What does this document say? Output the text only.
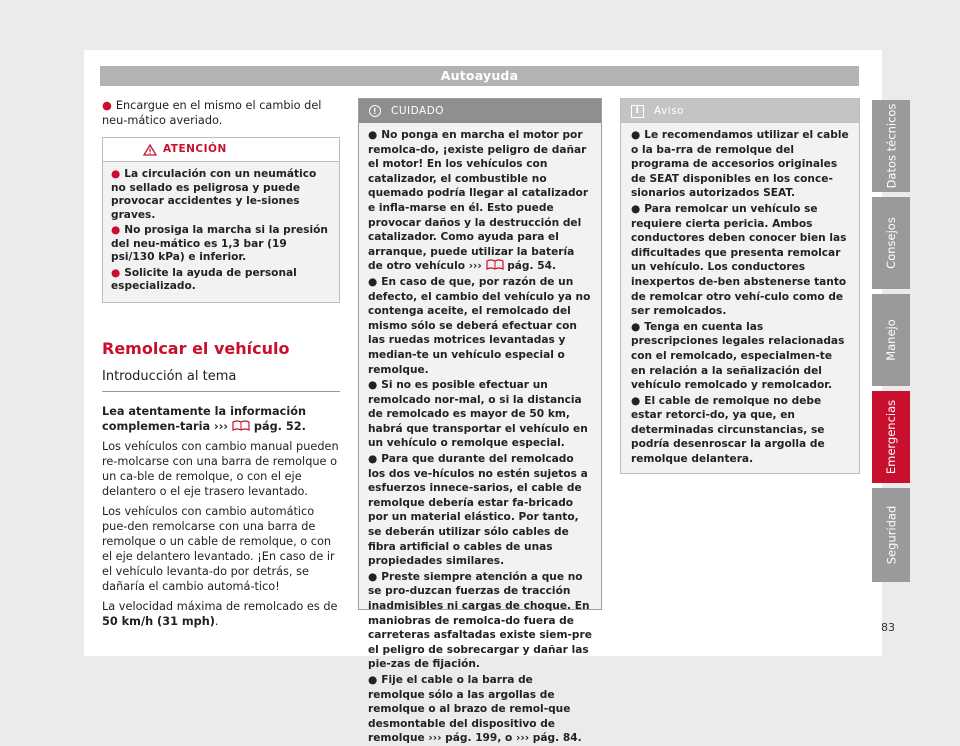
Autoayuda

● Encargue en el mismo el cambio del neu-mático averiado.

ATENCIÓN
● La circulación con un neumático no sellado es peligrosa y puede provocar accidentes y le-siones graves.
● No prosiga la marcha si la presión del neu-mático es 1,3 bar (19 psi/130 kPa) e inferior.
● Solicite la ayuda de personal especializado.
Remolcar el vehículo
Introducción al tema

Lea atentamente la información complemen-taria ››› pág. 52.

Los vehículos con cambio manual pueden re-molcarse con una barra de remolque o un ca-ble de remolque, o con el eje delantero o el eje trasero levantado.

Los vehículos con cambio automático pue-den remolcarse con una barra de remolque o un cable de remolque, o con el eje delantero levantado. ¡En caso de ir el vehículo levanta-do por detrás, se dañaría el cambio automá-tico!

La velocidad máxima de remolcado es de 50 km/h (31 mph).

!	CUIDADO
● No ponga en marcha el motor por remolca-do, ¡existe peligro de dañar el motor! En los vehículos con catalizador, el combustible no quemado podría llegar al catalizador e infla-marse en él. Esto puede provocar daños y la destrucción del catalizador. Como ayuda para el arranque, puede utilizar la batería de otro vehículo ››› pág. 54.
● En caso de que, por razón de un defecto, el cambio del vehículo ya no contenga aceite, el remolcado del mismo sólo se deberá efectuar con las ruedas motrices levantadas y median-te un vehículo especial o remolque.
● Si no es posible efectuar un remolcado nor-mal, o si la distancia de remolcado es mayor de 50 km, habrá que transportar el vehículo en un vehículo o remolque especial.
● Para que durante del remolcado los dos ve-hículos no estén sujetos a esfuerzos innece-sarios, el cable de remolque debería estar fa-bricado por un material elástico. Por tanto, se deberán utilizar sólo cables de fibra artificial o cables de unas propiedades similares.
● Preste siempre atención a que no se pro-duzcan fuerzas de tracción inadmisibles ni cargas de choque. En maniobras de remolca-do fuera de carreteras asfaltadas existe siem-pre el peligro de sobrecargar y dañar las pie-zas de fijación.
● Fije el cable o la barra de remolque sólo a las argollas de remolque o al brazo de remol-que desmontable del dispositivo de remolque ››› pág. 199, o ››› pág. 84.
i	Aviso
● Le recomendamos utilizar el cable o la ba-rra de remolque del programa de accesorios originales de SEAT disponibles en los conce-sionarios autorizados SEAT.
● Para remolcar un vehículo se requiere cierta pericia. Ambos conductores deben conocer bien las dificultades que presenta remolcar un vehículo. Los conductores inexpertos de-ben abstenerse tanto de remolcar otro vehí-culo como de ser remolcados.
● Tenga en cuenta las prescripciones legales relacionadas con el remolcado, especialmen-te en relación a la señalización del vehículo remolcado y remolcador.
● El cable de remolque no debe estar retorci-do, ya que, en determinadas circunstancias, se podría desenroscar la argolla de remolque delantera.
Datos técnicos
Consejos
Manejo
Emergencias
Seguridad
83
